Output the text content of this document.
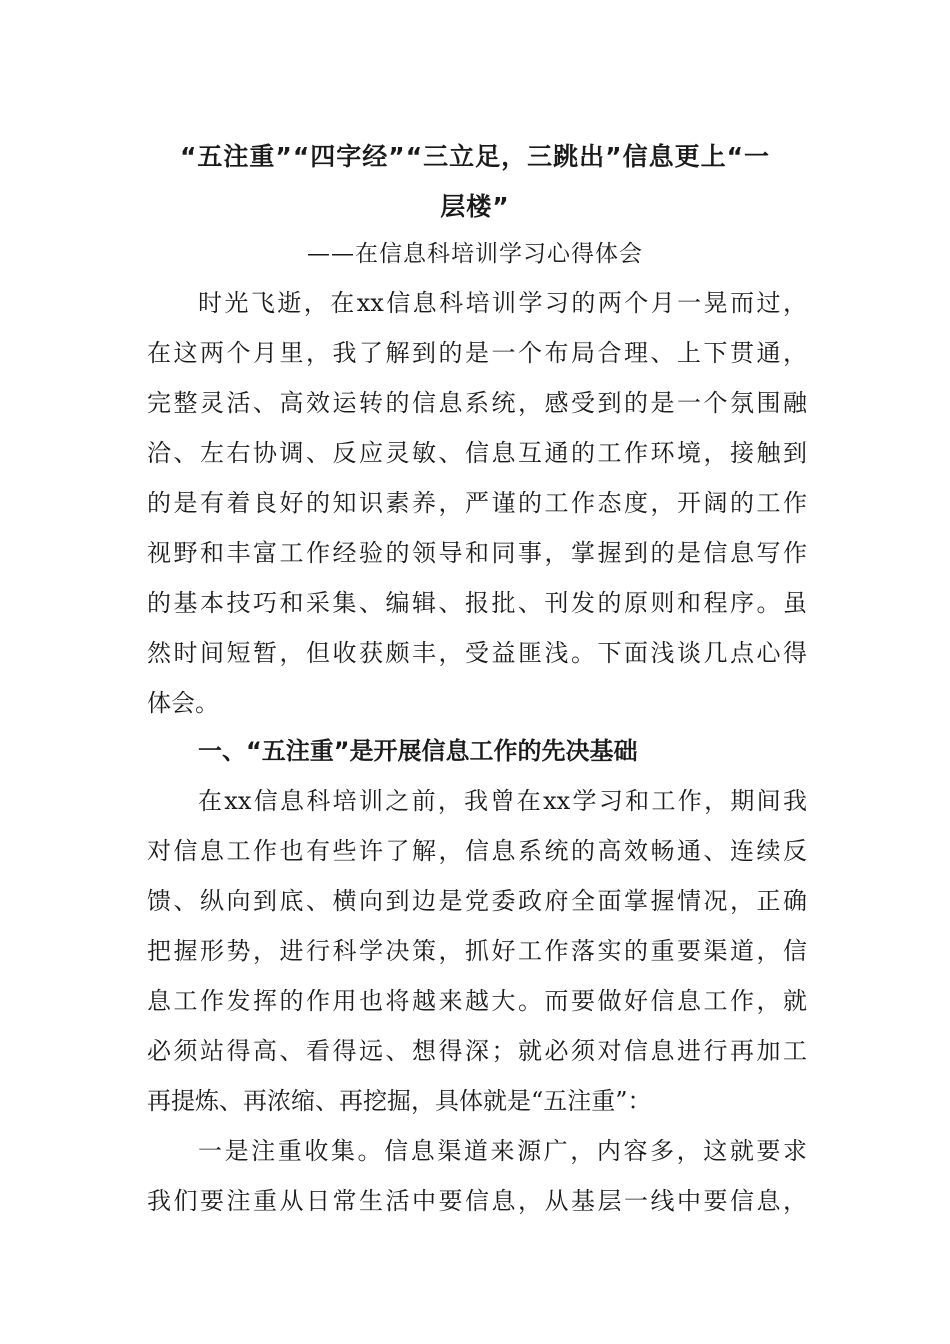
“五注重”“四字经”“三立足，三跳出”信息更上“一
层楼”
——在信息科培训学习心得体会
时光飞逝，在xx信息科培训学习的两个月一晃而过，
在这两个月里，我了解到的是一个布局合理、上下贯通，
完整灵活、高效运转的信息系统，感受到的是一个氛围融
洽、左右协调、反应灵敏、信息互通的工作环境，接触到
的是有着良好的知识素养，严谨的工作态度，开阔的工作
视野和丰富工作经验的领导和同事，掌握到的是信息写作
的基本技巧和采集、编辑、报批、刊发的原则和程序。虽
然时间短暂，但收获颇丰，受益匪浅。下面浅谈几点心得
体会。
一、“五注重”是开展信息工作的先决基础
在xx信息科培训之前，我曾在xx学习和工作，期间我
对信息工作也有些许了解，信息系统的高效畅通、连续反
馈、纵向到底、横向到边是党委政府全面掌握情况，正确
把握形势，进行科学决策，抓好工作落实的重要渠道，信
息工作发挥的作用也将越来越大。而要做好信息工作，就
必须站得高、看得远、想得深；就必须对信息进行再加工
再提炼、再浓缩、再挖掘，具体就是“五注重”：
一是注重收集。信息渠道来源广，内容多，这就要求
我们要注重从日常生活中要信息，从基层一线中要信息，
